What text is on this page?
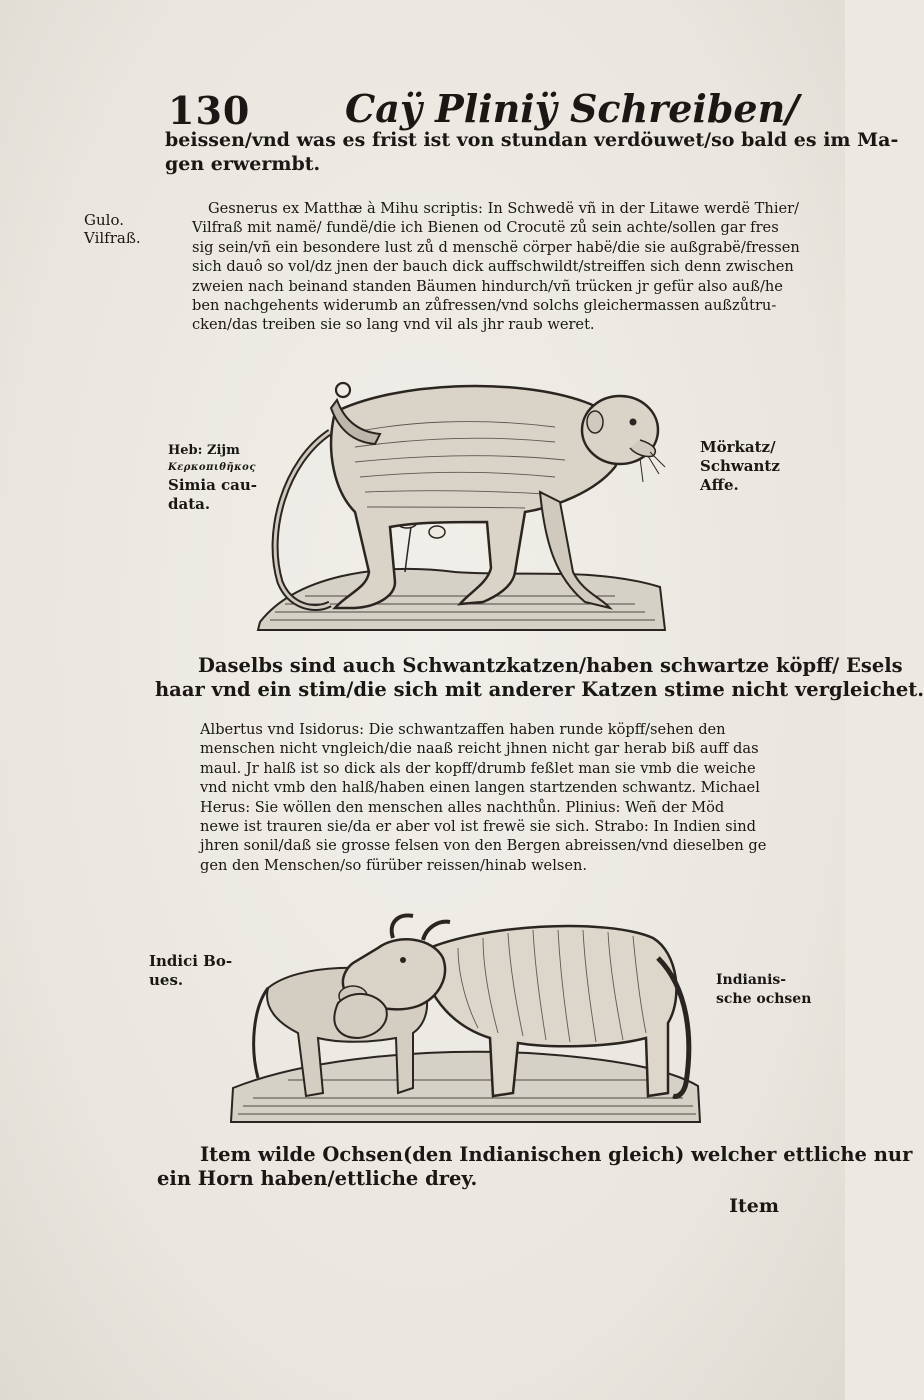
130 Caÿ Pliniÿ Schreiben/
beissen/vnd was es frist ist von stundan verdöuwet/so bald es im Ma-
gen erwermbt.
Gulo.
Vilfraß.
Gesnerus ex Matthæ à Mihu scriptis: In Schwedë vñ in der Litawe werdë Thier/
Vilfraß mit namë/ fundë/die ich Bienen od Crocutë zů sein achte/sollen gar fres
sig sein/vñ ein besondere lust zů d menschë cörper habë/die sie außgrabë/fressen
sich dauô so vol/dz jnen der bauch dick auffschwildt/streiffen sich denn zwischen
zweien nach beinand standen Bäumen hindurch/vñ trücken jr gefür also auß/he
ben nachgehents widerumb an zůfressen/vnd solchs gleichermassen außzůtru-
cken/das treiben sie so lang vnd vil als jhr raub weret.
Heb: Zijm
Κερκοπιθῆκος
Simia cau-
data.
Mörkatz/
Schwantz
Affe.
Daselbs sind auch Schwantzkatzen/haben schwartze köpff/ Esels
haar vnd ein stim/die sich mit anderer Katzen stime nicht vergleichet.
Albertus vnd Isidorus: Die schwantzaffen haben runde köpff/sehen den
menschen nicht vngleich/die naaß reicht jhnen nicht gar herab biß auff das
maul. Jr halß ist so dick als der kopff/drumb feßlet man sie vmb die weiche
vnd nicht vmb den halß/haben einen langen startzenden schwantz. Michael
Herus: Sie wöllen den menschen alles nachthůn. Plinius: Weñ der Möd
newe ist trauren sie/da er aber vol ist frewë sie sich. Strabo: In Indien sind
jhren sonil/daß sie grosse felsen von den Bergen abreissen/vnd dieselben ge
gen den Menschen/so fürüber reissen/hinab welsen.
Indici Bo-
ues.	Indianis-
sche ochsen
Item wilde Ochsen(den Indianischen gleich) welcher ettliche nur
ein Horn haben/ettliche drey.
Item
